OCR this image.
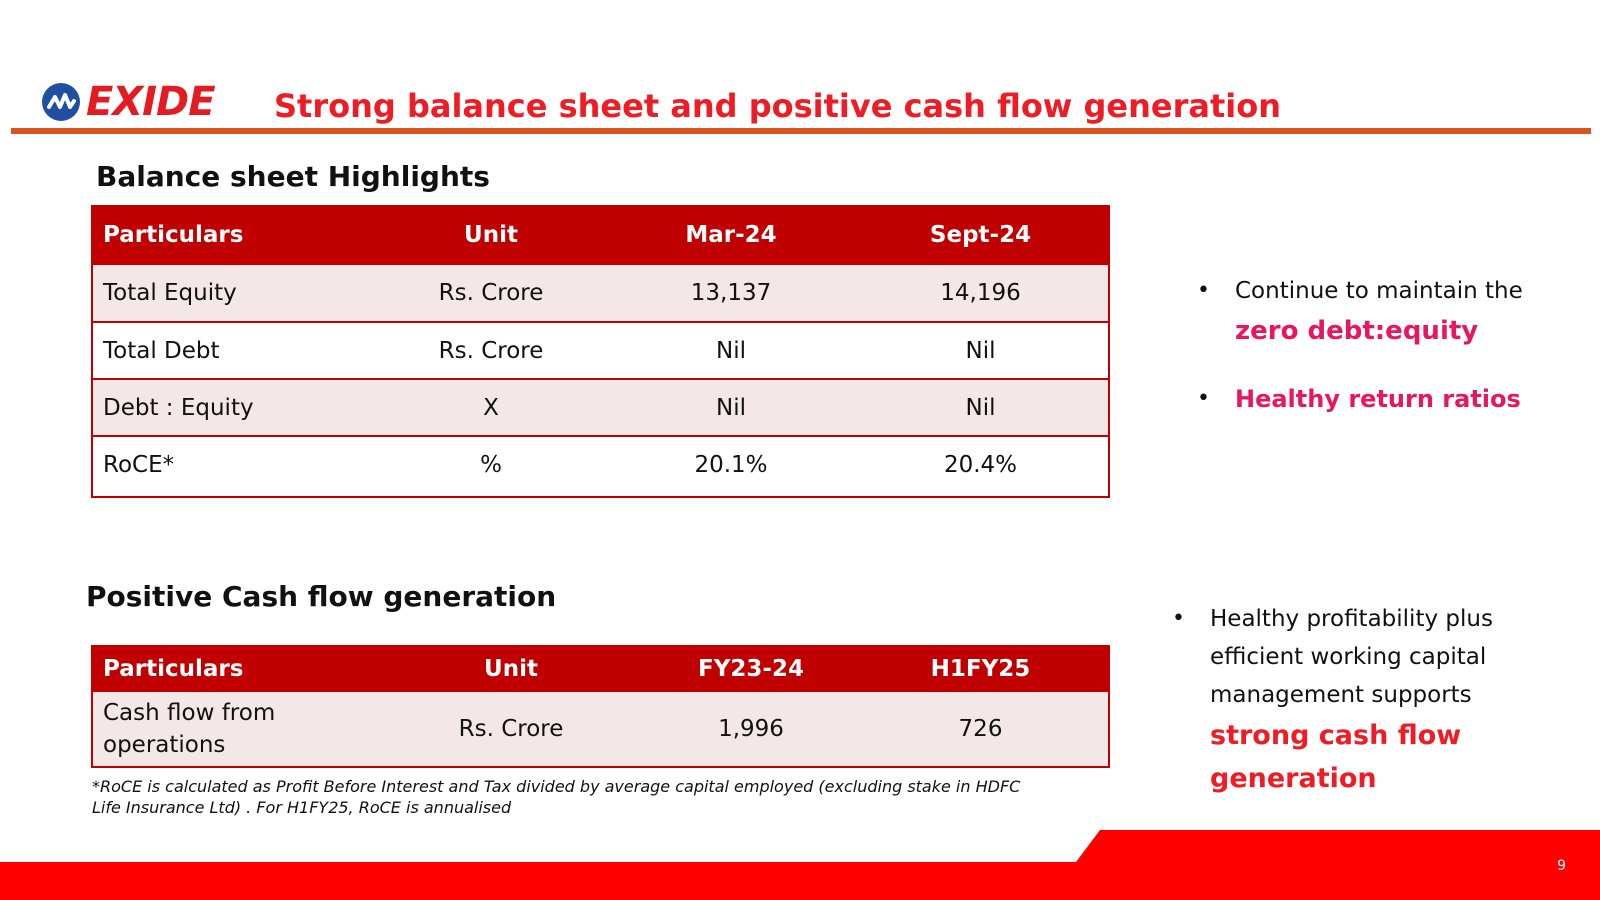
EXIDE Strong balance sheet and positive cash flow generation
Balance sheet Highlights
Particulars	Unit	Mar-24	Sept-24
Total Equity	Rs. Crore	13,137	14,196
Total Debt	Rs. Crore	Nil	Nil
Debt : Equity	X	Nil	Nil
RoCE*	%	20.1%	20.4%
• Continue to maintain the
zero debt:equity
• Healthy return ratios
Positive Cash flow generation
Particulars	Unit	FY23-24	H1FY25
Cash flow from operations	Rs. Crore	1,996	726
• Healthy profitability plus
efficient working capital
management supports
strong cash flow
generation
*RoCE is calculated as Profit Before Interest and Tax divided by average capital employed (excluding stake in HDFC Life Insurance Ltd) . For H1FY25, RoCE is annualised
9
